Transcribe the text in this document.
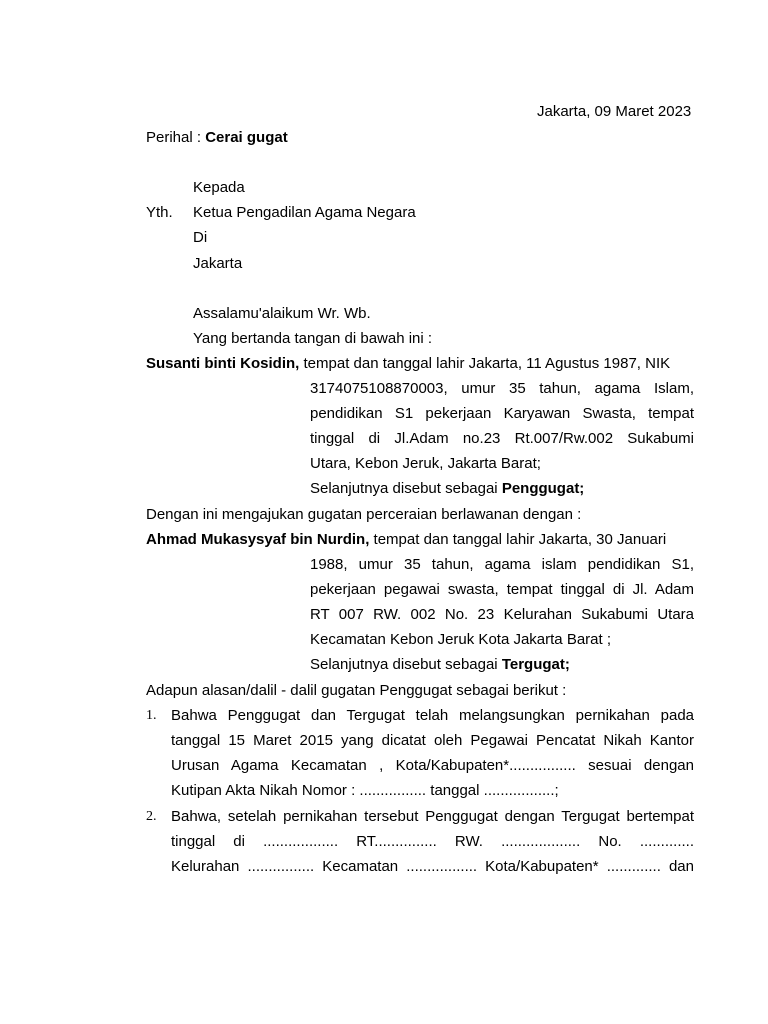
Jakarta, 09 Maret 2023
Perihal : Cerai gugat
Kepada
Yth. Ketua Pengadilan Agama Negara
Di
Jakarta
Assalamu'alaikum Wr. Wb.
Yang bertanda tangan di bawah ini :
Susanti binti Kosidin, tempat dan tanggal lahir Jakarta, 11 Agustus 1987, NIK
3174075108870003, umur 35 tahun, agama Islam,
pendidikan S1 pekerjaan Karyawan Swasta, tempat
tinggal di Jl.Adam no.23 Rt.007/Rw.002 Sukabumi
Utara, Kebon Jeruk, Jakarta Barat;
Selanjutnya disebut sebagai Penggugat;
Dengan ini mengajukan gugatan perceraian berlawanan dengan :
Ahmad Mukasysyaf bin Nurdin, tempat dan tanggal lahir Jakarta, 30 Januari
1988, umur 35 tahun, agama islam pendidikan S1,
pekerjaan pegawai swasta, tempat tinggal di Jl. Adam
RT 007 RW. 002 No. 23 Kelurahan Sukabumi Utara
Kecamatan Kebon Jeruk Kota Jakarta Barat ;
Selanjutnya disebut sebagai Tergugat;
Adapun alasan/dalil - dalil gugatan Penggugat sebagai berikut :
1. Bahwa Penggugat dan Tergugat telah melangsungkan pernikahan pada
tanggal 15 Maret 2015 yang dicatat oleh Pegawai Pencatat Nikah Kantor
Urusan Agama Kecamatan , Kota/Kabupaten*................ sesuai dengan
Kutipan Akta Nikah Nomor : ................ tanggal .................;
2. Bahwa, setelah pernikahan tersebut Penggugat dengan Tergugat bertempat
tinggal di .................. RT............... RW. ................... No. .............
Kelurahan ................ Kecamatan ................. Kota/Kabupaten* ............. dan
